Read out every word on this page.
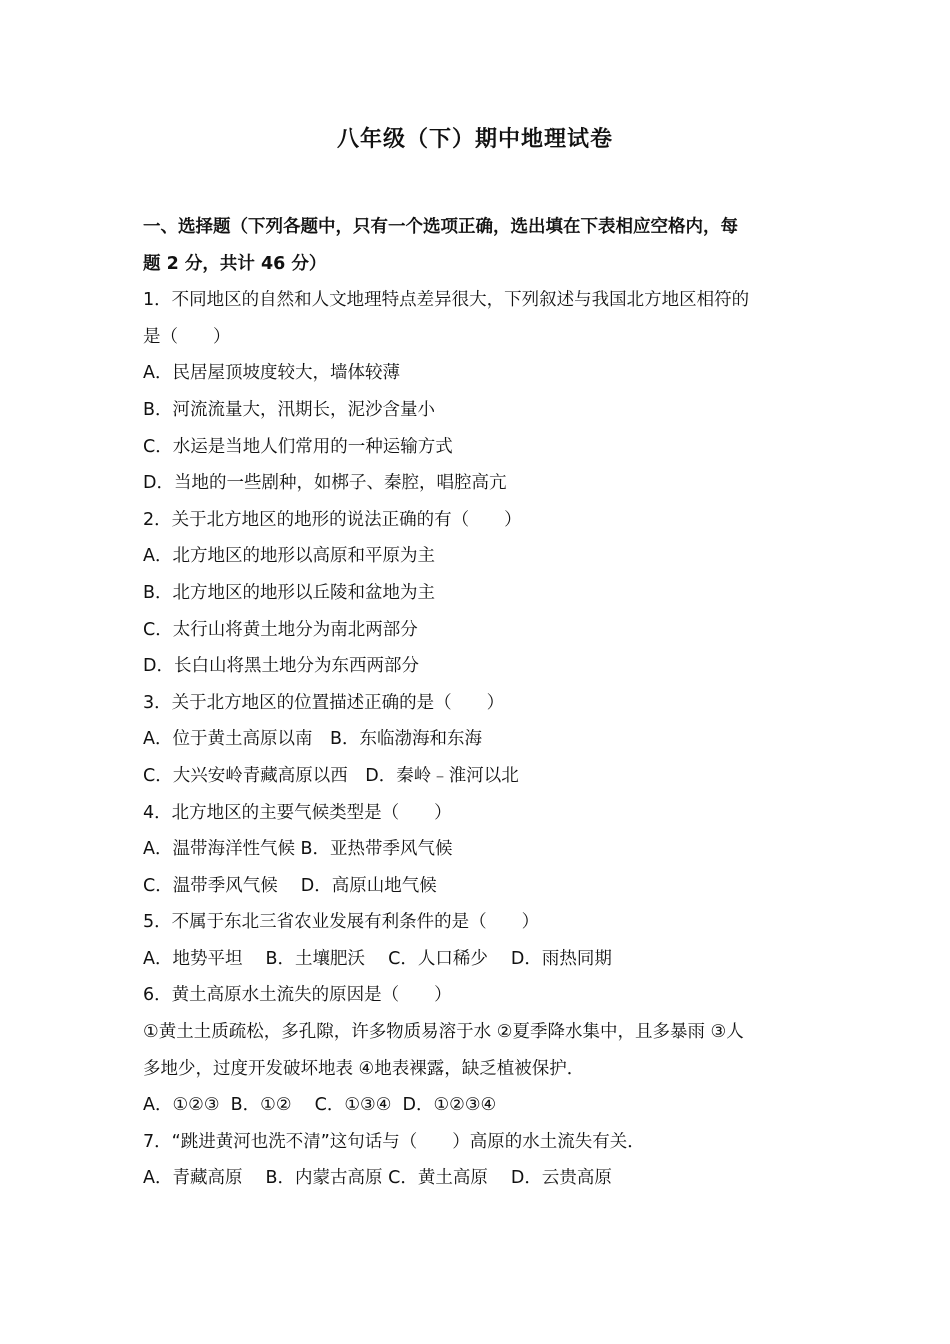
八年级（下）期中地理试卷
一、选择题（下列各题中，只有一个选项正确，选出填在下表相应空格内，每
题 2 分，共计 46 分）
1．不同地区的自然和人文地理特点差异很大，下列叙述与我国北方地区相符的
是（　　）
A．民居屋顶坡度较大，墙体较薄
B．河流流量大，汛期长，泥沙含量小
C．水运是当地人们常用的一种运输方式
D．当地的一些剧种，如梆子、秦腔，唱腔高亢
2．关于北方地区的地形的说法正确的有（　　）
A．北方地区的地形以高原和平原为主
B．北方地区的地形以丘陵和盆地为主
C．太行山将黄土地分为南北两部分
D．长白山将黑土地分为东西两部分
3．关于北方地区的位置描述正确的是（　　）
A．位于黄土高原以南　B．东临渤海和东海
C．大兴安岭青藏高原以西　D．秦岭﹣淮河以北
4．北方地区的主要气候类型是（　　）
A．温带海洋性气候 B．亚热带季风气候
C．温带季风气候　 D．高原山地气候
5．不属于东北三省农业发展有利条件的是（　　）
A．地势平坦　 B．土壤肥沃　 C．人口稀少　 D．雨热同期
6．黄土高原水土流失的原因是（　　）
①黄土土质疏松，多孔隙，许多物质易溶于水 ②夏季降水集中，且多暴雨 ③人
多地少，过度开发破坏地表 ④地表裸露，缺乏植被保护．
A．①②③  B．①②　 C．①③④  D．①②③④
7．“跳进黄河也洗不清”这句话与（　　）高原的水土流失有关．
A．青藏高原　 B．内蒙古高原 C．黄土高原　 D．云贵高原
